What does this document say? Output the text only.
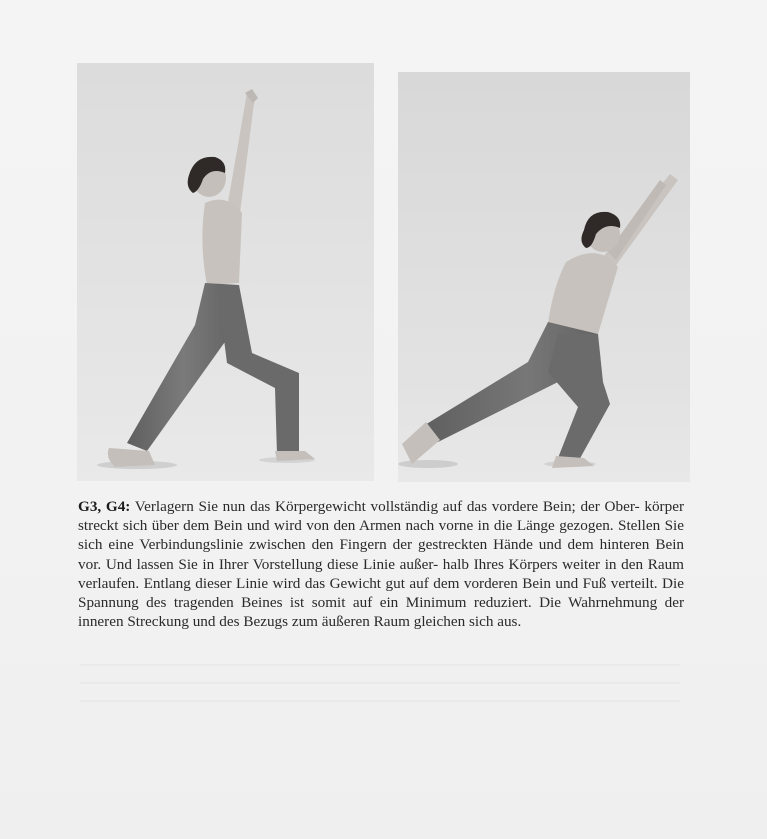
G3, G4: Verlagern Sie nun das Körpergewicht vollständig auf das vordere Bein; der Ober- körper streckt sich über dem Bein und wird von den Armen nach vorne in die Länge gezogen. Stellen Sie sich eine Verbindungslinie zwischen den Fingern der gestreckten Hände und dem hinteren Bein vor. Und lassen Sie in Ihrer Vorstellung diese Linie außer- halb Ihres Körpers weiter in den Raum verlaufen. Entlang dieser Linie wird das Gewicht gut auf dem vorderen Bein und Fuß verteilt. Die Spannung des tragenden Beines ist somit auf ein Minimum reduziert. Die Wahrnehmung der inneren Streckung und des Bezugs zum äußeren Raum gleichen sich aus.
